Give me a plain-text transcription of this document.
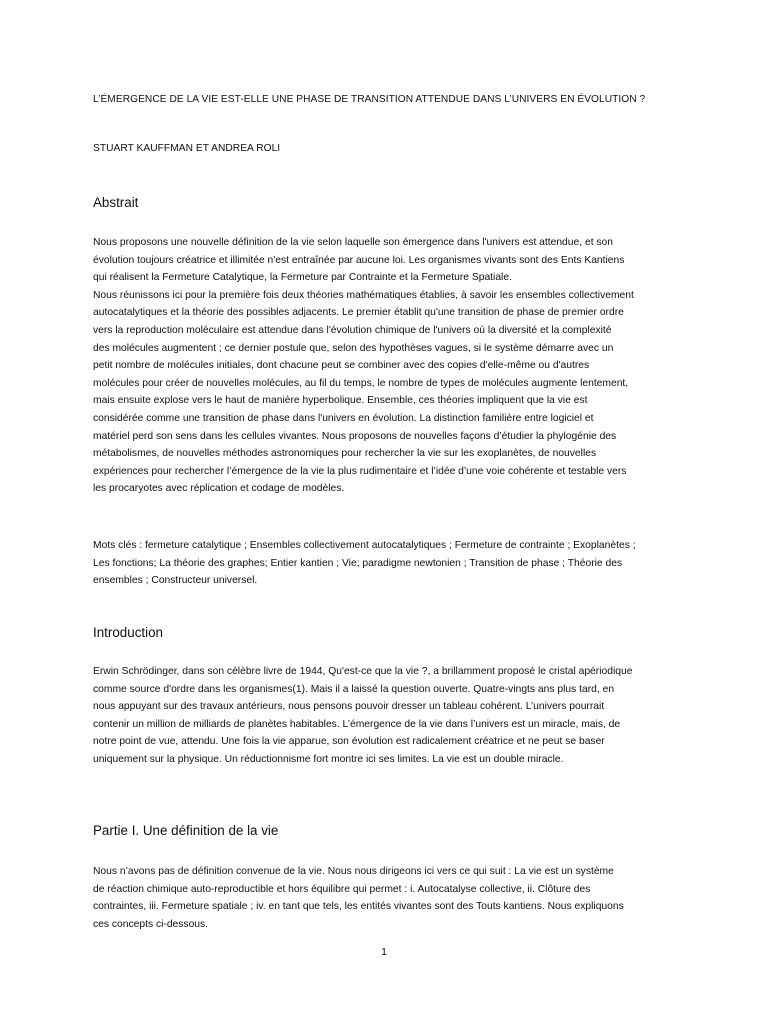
L’ÉMERGENCE DE LA VIE EST-ELLE UNE PHASE DE TRANSITION ATTENDUE DANS L’UNIVERS EN ÉVOLUTION ?
STUART KAUFFMAN ET ANDREA ROLI
Abstrait
Nous proposons une nouvelle définition de la vie selon laquelle son émergence dans l'univers est attendue, et son
évolution toujours créatrice et illimitée n'est entraînée par aucune loi. Les organismes vivants sont des Ents Kantiens
qui réalisent la Fermeture Catalytique, la Fermeture par Contrainte et la Fermeture Spatiale.
Nous réunissons ici pour la première fois deux théories mathématiques établies, à savoir les ensembles collectivement
autocatalytiques et la théorie des possibles adjacents. Le premier établit qu'une transition de phase de premier ordre
vers la reproduction moléculaire est attendue dans l'évolution chimique de l'univers où la diversité et la complexité
des molécules augmentent ; ce dernier postule que, selon des hypothèses vagues, si le système démarre avec un
petit nombre de molécules initiales, dont chacune peut se combiner avec des copies d'elle-même ou d'autres
molécules pour créer de nouvelles molécules, au fil du temps, le nombre de types de molécules augmente lentement,
mais ensuite explose vers le haut de manière hyperbolique. Ensemble, ces théories impliquent que la vie est
considérée comme une transition de phase dans l'univers en évolution. La distinction familière entre logiciel et
matériel perd son sens dans les cellules vivantes. Nous proposons de nouvelles façons d’étudier la phylogénie des
métabolismes, de nouvelles méthodes astronomiques pour rechercher la vie sur les exoplanètes, de nouvelles
expériences pour rechercher l’émergence de la vie la plus rudimentaire et l’idée d’une voie cohérente et testable vers
les procaryotes avec réplication et codage de modèles.
Mots clés : fermeture catalytique ; Ensembles collectivement autocatalytiques ; Fermeture de contrainte ; Exoplanètes ;
Les fonctions; La théorie des graphes; Entier kantien ; Vie; paradigme newtonien ; Transition de phase ; Théorie des
ensembles ; Constructeur universel.
Introduction
Erwin Schrödinger, dans son célèbre livre de 1944, Qu'est-ce que la vie ?, a brillamment proposé le cristal apériodique
comme source d'ordre dans les organismes(1). Mais il a laissé la question ouverte. Quatre-vingts ans plus tard, en
nous appuyant sur des travaux antérieurs, nous pensons pouvoir dresser un tableau cohérent. L’univers pourrait
contenir un million de milliards de planètes habitables. L’émergence de la vie dans l’univers est un miracle, mais, de
notre point de vue, attendu. Une fois la vie apparue, son évolution est radicalement créatrice et ne peut se baser
uniquement sur la physique. Un réductionnisme fort montre ici ses limites. La vie est un double miracle.
Partie I. Une définition de la vie
Nous n’avons pas de définition convenue de la vie. Nous nous dirigeons ici vers ce qui suit : La vie est un système
de réaction chimique auto-reproductible et hors équilibre qui permet : i. Autocatalyse collective, ii. Clôture des
contraintes, iii. Fermeture spatiale ; iv. en tant que tels, les entités vivantes sont des Touts kantiens. Nous expliquons
ces concepts ci-dessous.
1
